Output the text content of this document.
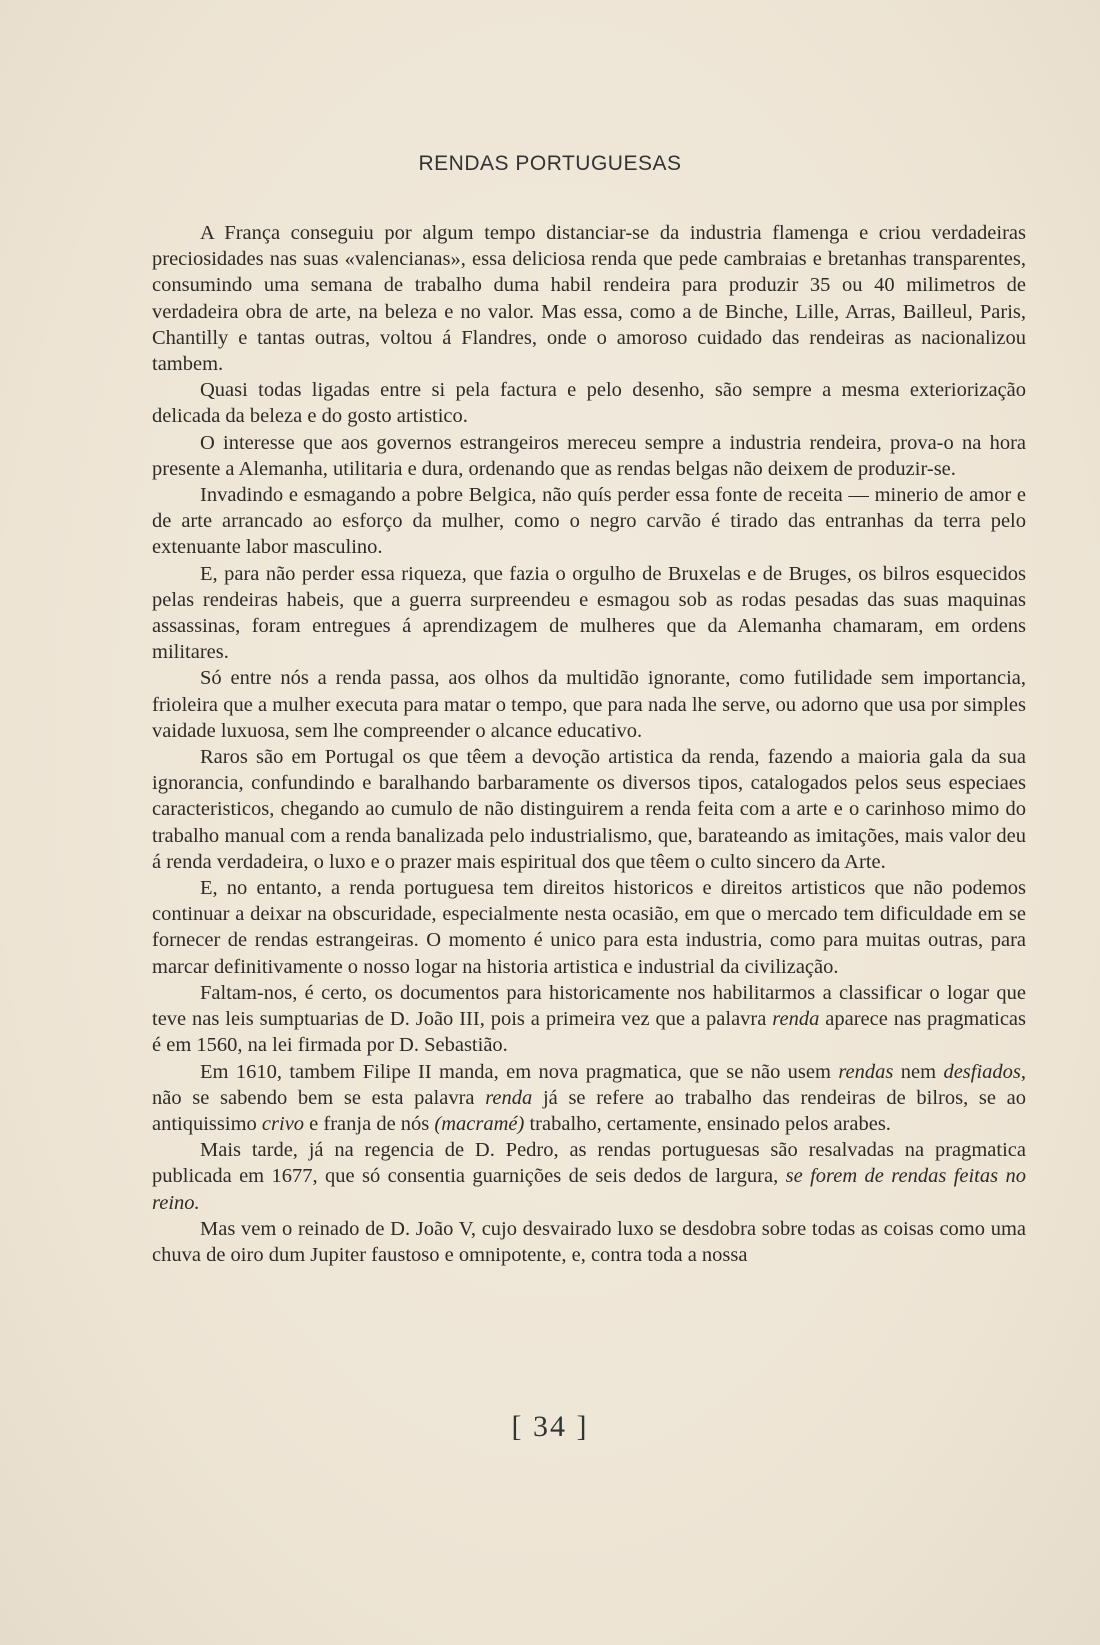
RENDAS PORTUGUESAS

A França conseguiu por algum tempo distanciar-se da industria flamenga e criou verdadeiras preciosidades nas suas «valencianas», essa deliciosa renda que pede cambraias e bretanhas transparentes, consumindo uma semana de trabalho duma habil rendeira para produzir 35 ou 40 milimetros de verdadeira obra de arte, na beleza e no valor. Mas essa, como a de Binche, Lille, Arras, Bailleul, Paris, Chantilly e tantas outras, voltou á Flandres, onde o amoroso cuidado das rendeiras as nacionalizou tambem.

Quasi todas ligadas entre si pela factura e pelo desenho, são sempre a mesma exteriorização delicada da beleza e do gosto artistico.

O interesse que aos governos estrangeiros mereceu sempre a industria rendeira, prova-o na hora presente a Alemanha, utilitaria e dura, ordenando que as rendas belgas não deixem de produzir-se.

Invadindo e esmagando a pobre Belgica, não quís perder essa fonte de receita — minerio de amor e de arte arrancado ao esforço da mulher, como o negro carvão é tirado das entranhas da terra pelo extenuante labor masculino.

E, para não perder essa riqueza, que fazia o orgulho de Bruxelas e de Bruges, os bilros esquecidos pelas rendeiras habeis, que a guerra surpreendeu e esmagou sob as rodas pesadas das suas maquinas assassinas, foram entregues á aprendizagem de mulheres que da Alemanha chamaram, em ordens militares.

Só entre nós a renda passa, aos olhos da multidão ignorante, como futilidade sem importancia, frioleira que a mulher executa para matar o tempo, que para nada lhe serve, ou adorno que usa por simples vaidade luxuosa, sem lhe compreender o alcance educativo.

Raros são em Portugal os que têem a devoção artistica da renda, fazendo a maioria gala da sua ignorancia, confundindo e baralhando barbaramente os diversos tipos, catalogados pelos seus especiaes caracteristicos, chegando ao cumulo de não distinguirem a renda feita com a arte e o carinhoso mimo do trabalho manual com a renda banalizada pelo industrialismo, que, barateando as imitações, mais valor deu á renda verdadeira, o luxo e o prazer mais espiritual dos que têem o culto sincero da Arte.

E, no entanto, a renda portuguesa tem direitos historicos e direitos artisticos que não podemos continuar a deixar na obscuridade, especialmente nesta ocasião, em que o mercado tem dificuldade em se fornecer de rendas estrangeiras. O momento é unico para esta industria, como para muitas outras, para marcar definitivamente o nosso logar na historia artistica e industrial da civilização.

Faltam-nos, é certo, os documentos para historicamente nos habilitarmos a classificar o logar que teve nas leis sumptuarias de D. João III, pois a primeira vez que a palavra renda aparece nas pragmaticas é em 1560, na lei firmada por D. Sebastião.

Em 1610, tambem Filipe II manda, em nova pragmatica, que se não usem rendas nem desfiados, não se sabendo bem se esta palavra renda já se refere ao trabalho das rendeiras de bilros, se ao antiquissimo crivo e franja de nós (macramé) trabalho, certamente, ensinado pelos arabes.

Mais tarde, já na regencia de D. Pedro, as rendas portuguesas são resalvadas na pragmatica publicada em 1677, que só consentia guarnições de seis dedos de largura, se forem de rendas feitas no reino.

Mas vem o reinado de D. João V, cujo desvairado luxo se desdobra sobre todas as coisas como uma chuva de oiro dum Jupiter faustoso e omnipotente, e, contra toda a nossa

[ 34 ]
